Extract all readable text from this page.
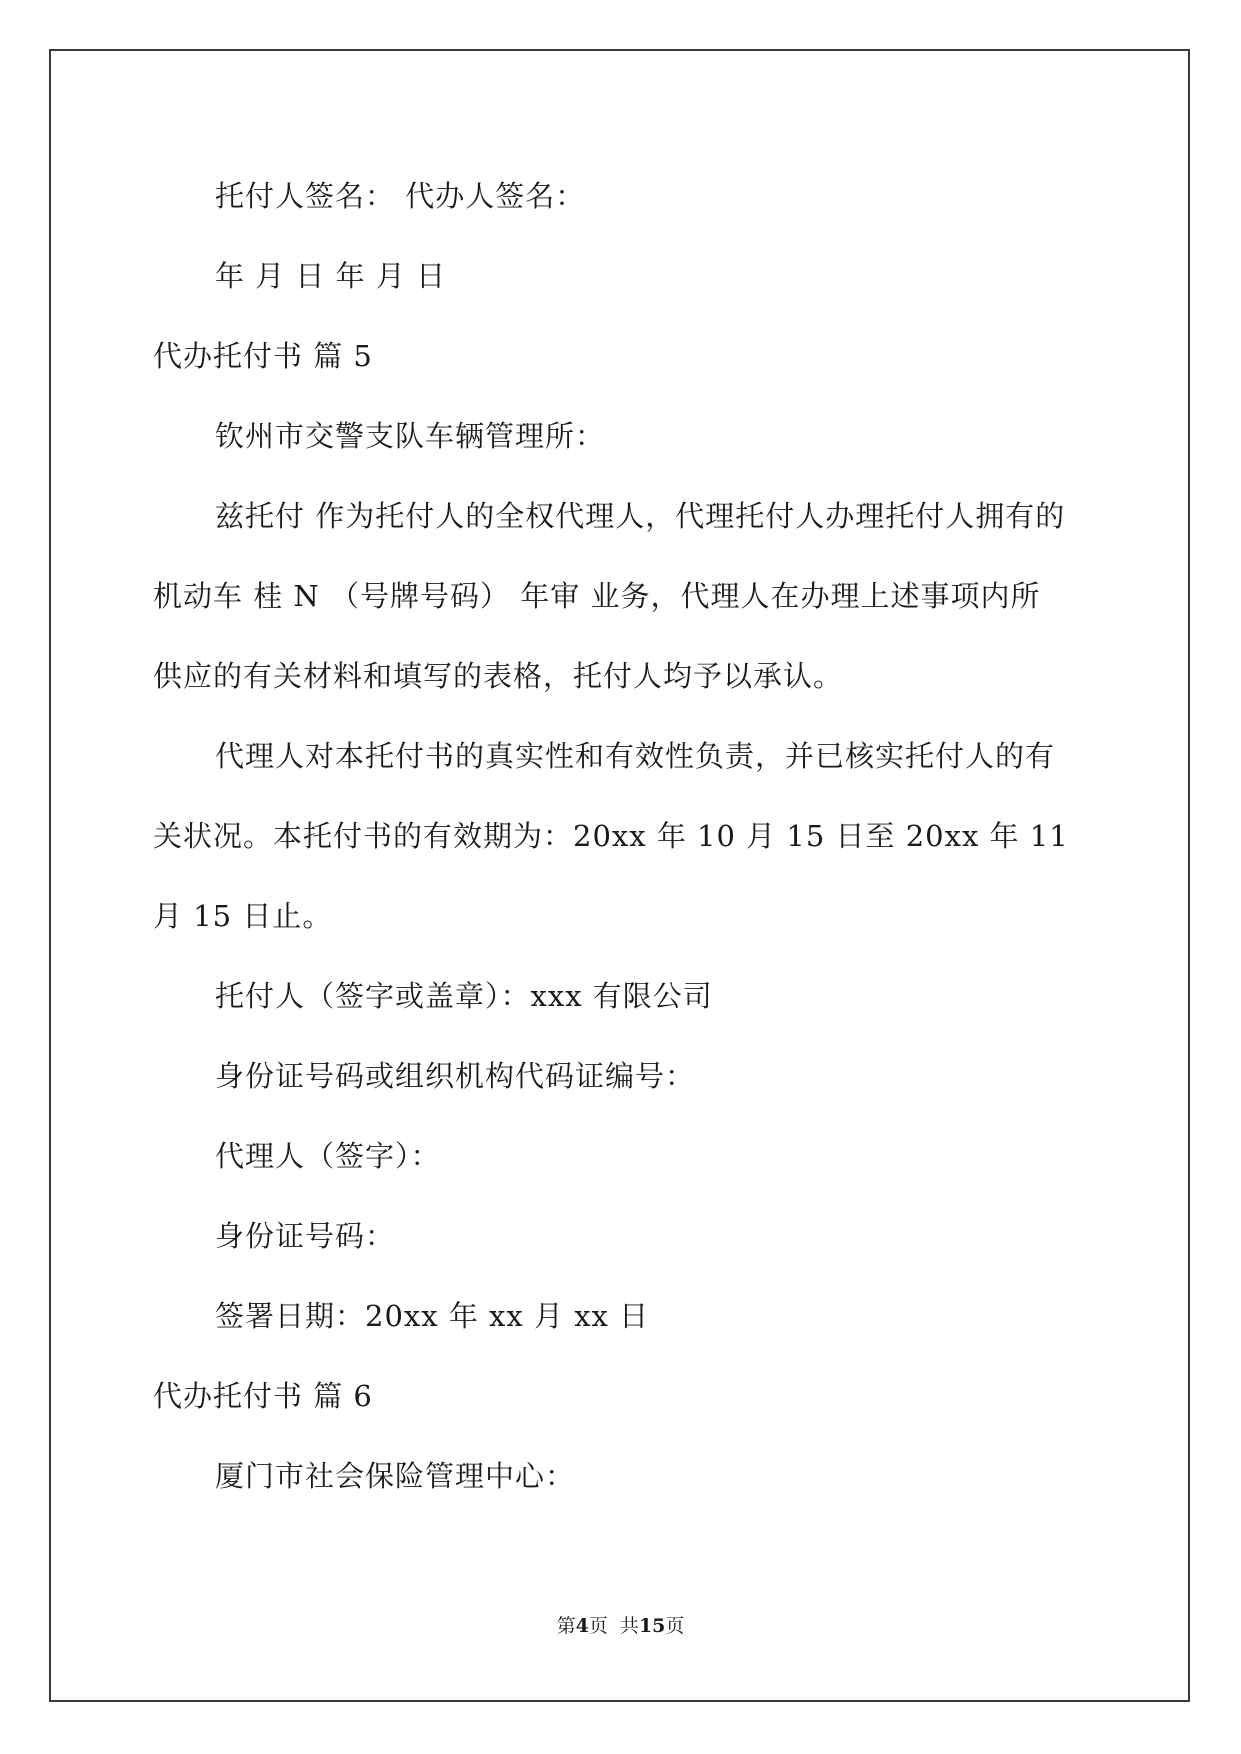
托付人签名： 代办人签名：
年 月 日 年 月 日
代办托付书 篇 5
钦州市交警支队车辆管理所：
兹托付 作为托付人的全权代理人，代理托付人办理托付人拥有的
机动车 桂 N （号牌号码） 年审 业务，代理人在办理上述事项内所
供应的有关材料和填写的表格，托付人均予以承认。
代理人对本托付书的真实性和有效性负责，并已核实托付人的有
关状况。本托付书的有效期为：20xx 年 10 月 15 日至 20xx 年 11
月 15 日止。
托付人（签字或盖章）：xxx 有限公司
身份证号码或组织机构代码证编号：
代理人（签字）：
身份证号码：
签署日期：20xx 年 xx 月 xx 日
代办托付书 篇 6
厦门市社会保险管理中心：
第4页  共15页
